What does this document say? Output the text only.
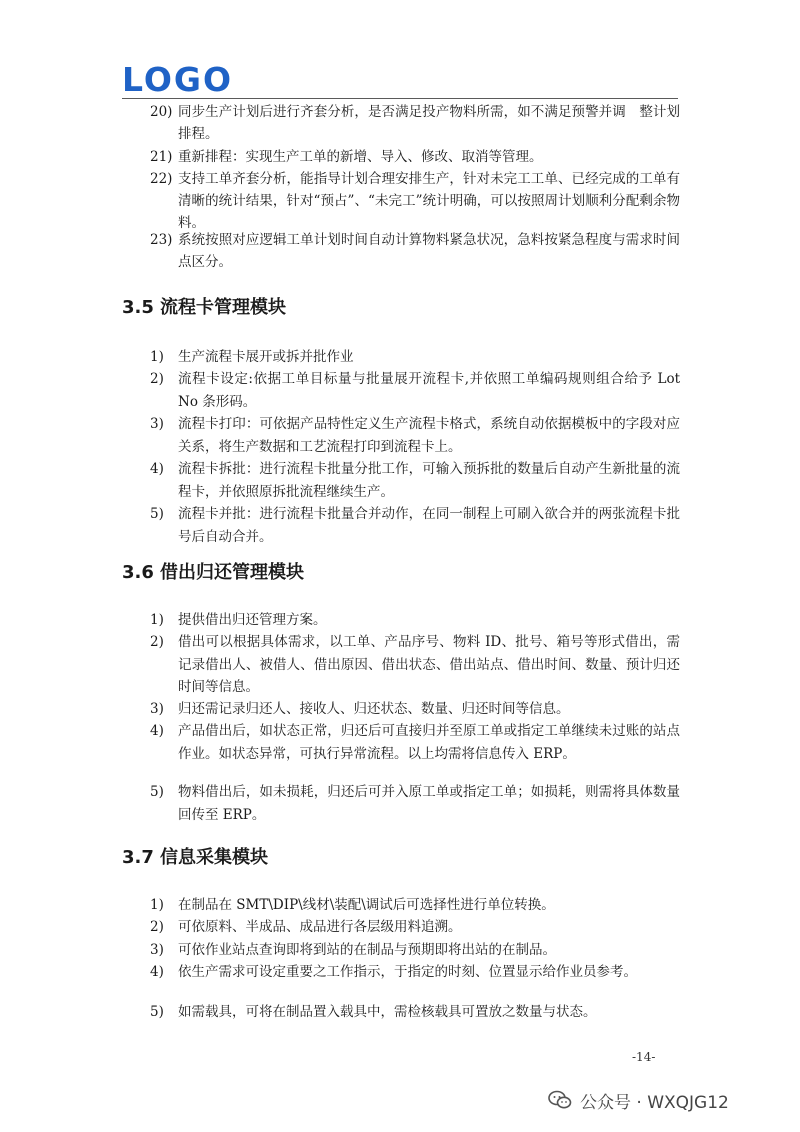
LOGO
20) 同步生产计划后进行齐套分析，是否满足投产物料所需，如不满足预警并调　整计划排程。
21) 重新排程：实现生产工单的新增、导入、修改、取消等管理。
22) 支持工单齐套分析，能指导计划合理安排生产，针对未完工工单、已经完成的工单有清晰的统计结果，针对“预占”、“未完工”统计明确，可以按照周计划顺利分配剩余物料。
23) 系统按照对应逻辑工单计划时间自动计算物料紧急状况，急料按紧急程度与需求时间点区分。
3.5 流程卡管理模块
1) 生产流程卡展开或拆并批作业
2) 流程卡设定:依据工单目标量与批量展开流程卡,并依照工单编码规则组合给予 Lot No 条形码。
3) 流程卡打印：可依据产品特性定义生产流程卡格式，系统自动依据模板中的字段对应关系，将生产数据和工艺流程打印到流程卡上。
4) 流程卡拆批：进行流程卡批量分批工作，可输入预拆批的数量后自动产生新批量的流程卡，并依照原拆批流程继续生产。
5) 流程卡并批：进行流程卡批量合并动作，在同一制程上可刷入欲合并的两张流程卡批号后自动合并。
3.6 借出归还管理模块
1) 提供借出归还管理方案。
2) 借出可以根据具体需求，以工单、产品序号、物料 ID、批号、箱号等形式借出，需记录借出人、被借人、借出原因、借出状态、借出站点、借出时间、数量、预计归还时间等信息。
3) 归还需记录归还人、接收人、归还状态、数量、归还时间等信息。
4) 产品借出后，如状态正常，归还后可直接归并至原工单或指定工单继续未过账的站点作业。如状态异常，可执行异常流程。以上均需将信息传入 ERP。
5) 物料借出后，如未损耗，归还后可并入原工单或指定工单；如损耗，则需将具体数量回传至 ERP。
3.7 信息采集模块
1) 在制品在 SMT\DIP\线材\装配\调试后可选择性进行单位转换。
2) 可依原料、半成品、成品进行各层级用料追溯。
3) 可依作业站点查询即将到站的在制品与预期即将出站的在制品。
4) 依生产需求可设定重要之工作指示，于指定的时刻、位置显示给作业员参考。
5) 如需载具，可将在制品置入载具中，需检核载具可置放之数量与状态。
-14-
公众号 · WXQJG12
